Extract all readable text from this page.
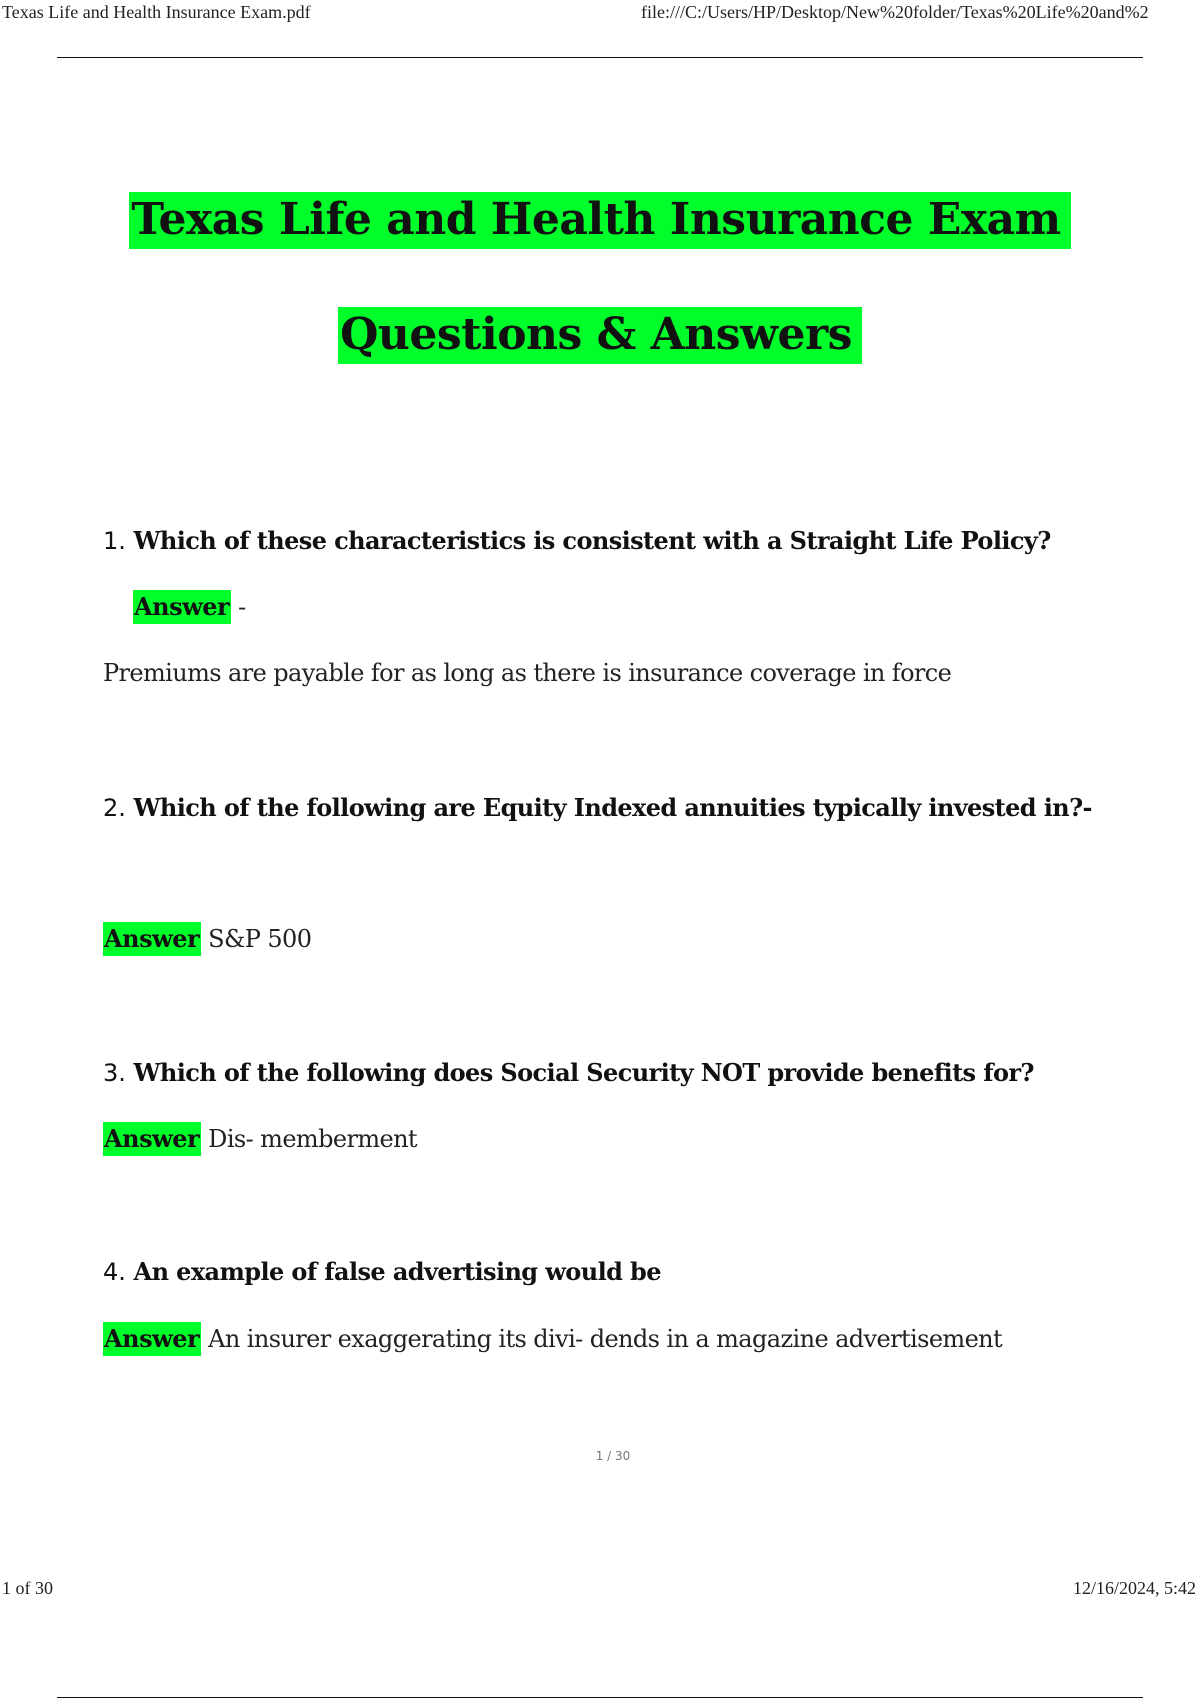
Texas Life and Health Insurance Exam.pdf	file:///C:/Users/HP/Desktop/New%20folder/Texas%20Life%20and%2
Texas Life and Health Insurance Exam
Questions & Answers
1. Which of these characteristics is consistent with a Straight Life Policy?
Answer -
Premiums are payable for as long as there is insurance coverage in force
2. Which of the following are Equity Indexed annuities typically invested in?-
Answer S&P 500
3. Which of the following does Social Security NOT provide benefits for?
Answer Dis- memberment
4. An example of false advertising would be
Answer An insurer exaggerating its divi- dends in a magazine advertisement
1 / 30
1 of 30	12/16/2024, 5:42
